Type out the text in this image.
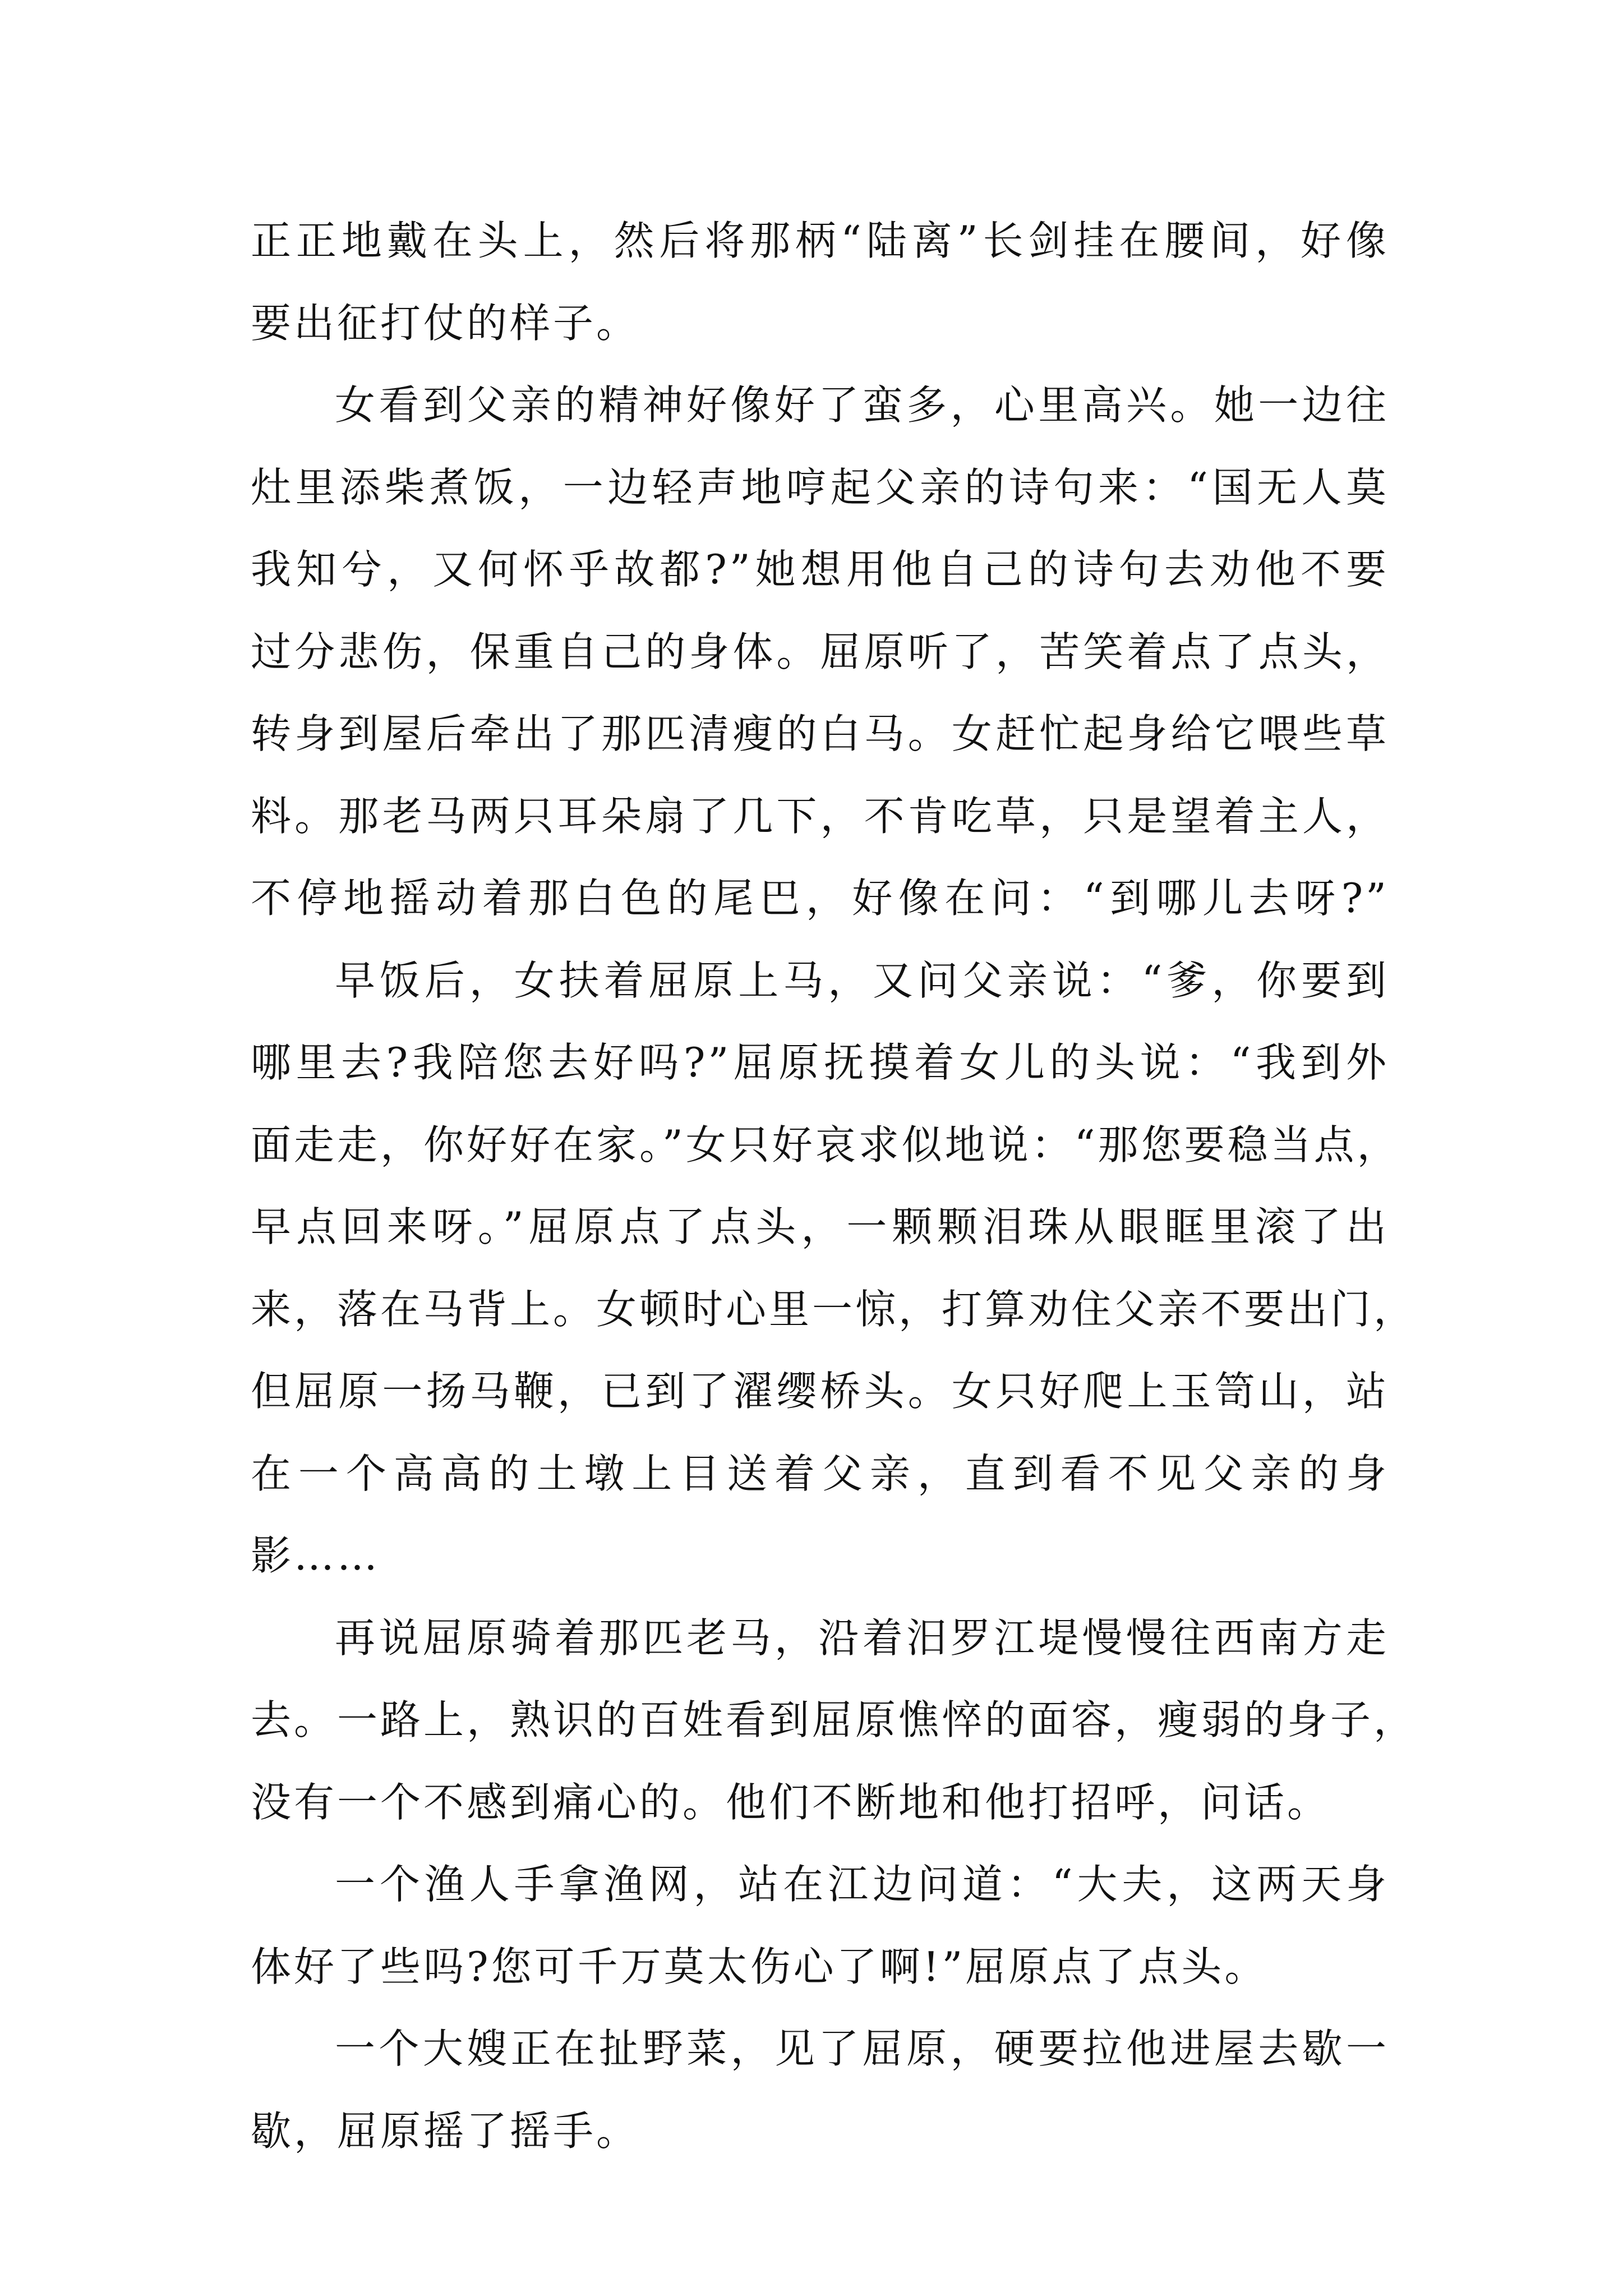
正正地戴在头上，然后将那柄“陆离”长剑挂在腰间，好像
要出征打仗的样子。
女看到父亲的精神好像好了蛮多，心里高兴。她一边往
灶里添柴煮饭，一边轻声地哼起父亲的诗句来：“国无人莫
我知兮，又何怀乎故都?”她想用他自己的诗句去劝他不要
过分悲伤，保重自己的身体。屈原听了，苦笑着点了点头，
转身到屋后牵出了那匹清瘦的白马。女赶忙起身给它喂些草
料。那老马两只耳朵扇了几下，不肯吃草，只是望着主人，
不停地摇动着那白色的尾巴，好像在问：“到哪儿去呀?”
早饭后，女扶着屈原上马，又问父亲说：“爹，你要到
哪里去?我陪您去好吗?”屈原抚摸着女儿的头说：“我到外
面走走，你好好在家。”女只好哀求似地说：“那您要稳当点，
早点回来呀。”屈原点了点头，一颗颗泪珠从眼眶里滚了出
来，落在马背上。女顿时心里一惊，打算劝住父亲不要出门，
但屈原一扬马鞭，已到了濯缨桥头。女只好爬上玉笥山，站
在一个高高的土墩上目送着父亲，直到看不见父亲的身
影……
再说屈原骑着那匹老马，沿着汨罗江堤慢慢往西南方走
去。一路上，熟识的百姓看到屈原憔悴的面容，瘦弱的身子，
没有一个不感到痛心的。他们不断地和他打招呼，问话。
一个渔人手拿渔网，站在江边问道：“大夫，这两天身
体好了些吗?您可千万莫太伤心了啊!”屈原点了点头。
一个大嫂正在扯野菜，见了屈原，硬要拉他进屋去歇一
歇，屈原摇了摇手。
